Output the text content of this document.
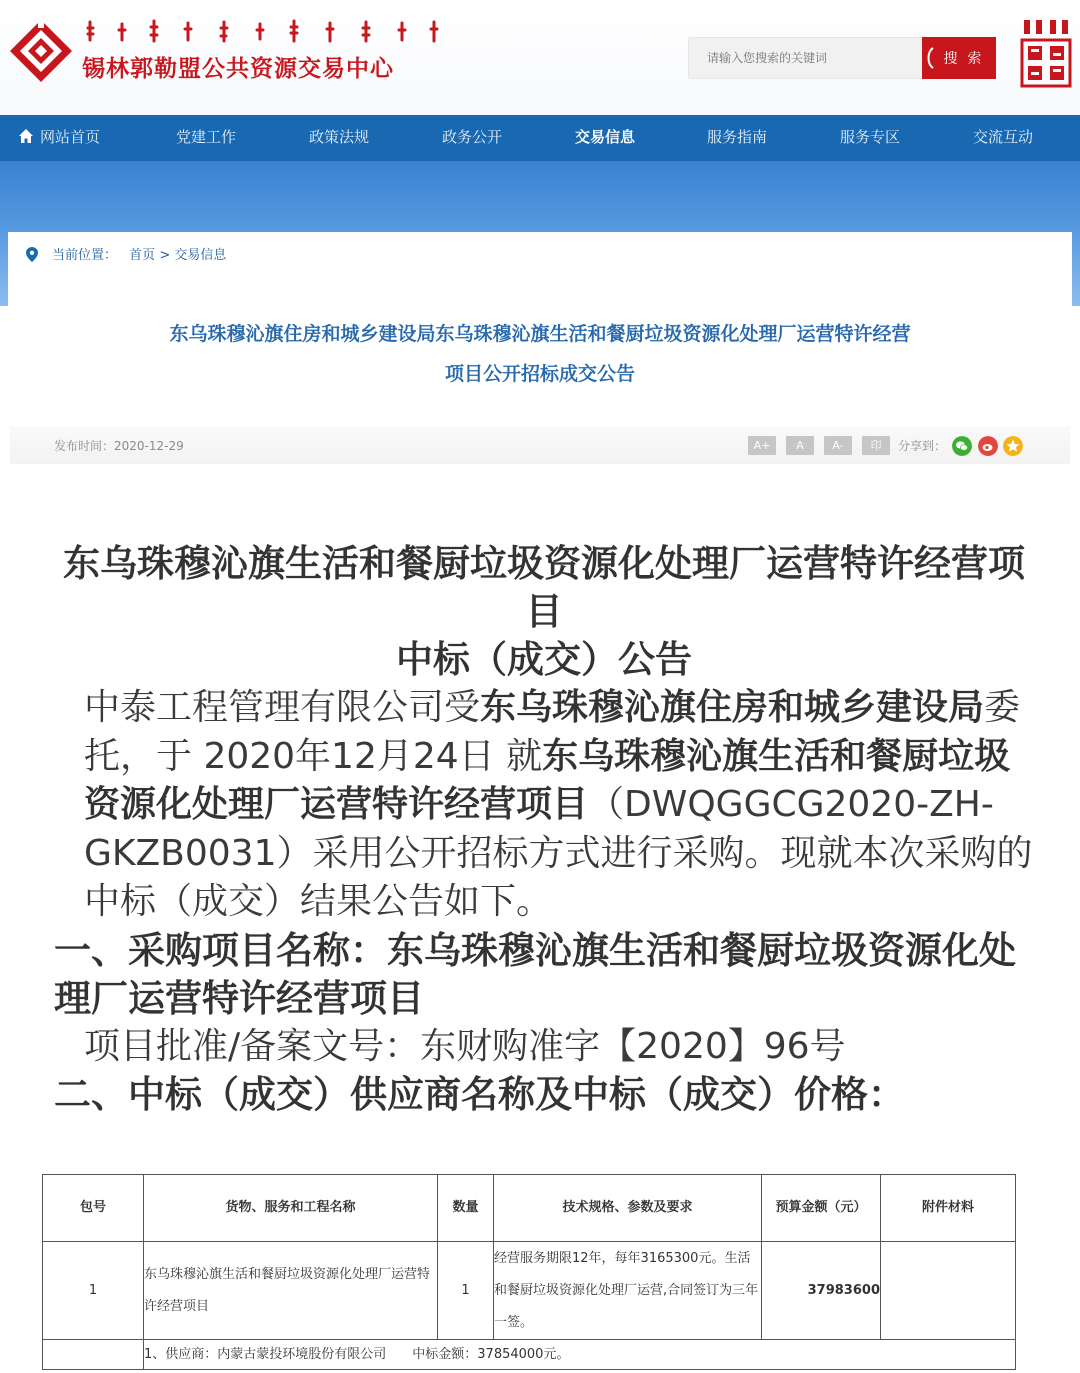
锡林郭勒盟公共资源交易中心
请输入您搜索的关键词	搜 索
网站首页	党建工作	政策法规	政务公开	交易信息	服务指南	服务专区	交流互动
当前位置： 首页 > 交易信息
东乌珠穆沁旗住房和城乡建设局东乌珠穆沁旗生活和餐厨垃圾资源化处理厂运营特许经营
项目公开招标成交公告
发布时间：2020-12-29	A+	A	A-	印	分享到：
东乌珠穆沁旗生活和餐厨垃圾资源化处理厂运营特许经营项目
中标（成交）公告
中泰工程管理有限公司受东乌珠穆沁旗住房和城乡建设局委托，于 2020年12月24日 就东乌珠穆沁旗生活和餐厨垃圾资源化处理厂运营特许经营项目（DWQGGCG2020-ZH-GKZB0031）采用公开招标方式进行采购。现就本次采购的中标（成交）结果公告如下。
一、采购项目名称：东乌珠穆沁旗生活和餐厨垃圾资源化处理厂运营特许经营项目
项目批准/备案文号：东财购准字【2020】96号
二、中标（成交）供应商名称及中标（成交）价格：
包号	货物、服务和工程名称	数量	技术规格、参数及要求	预算金额（元）	附件材料
1	东乌珠穆沁旗生活和餐厨垃圾资源化处理厂运营特许经营项目	1	经营服务期限12年，每年3165300元。生活和餐厨垃圾资源化处理厂运营,合同签订为三年一签。	37983600	
	1、供应商：内蒙古蒙投环境股份有限公司　　中标金额：37854000元。				
